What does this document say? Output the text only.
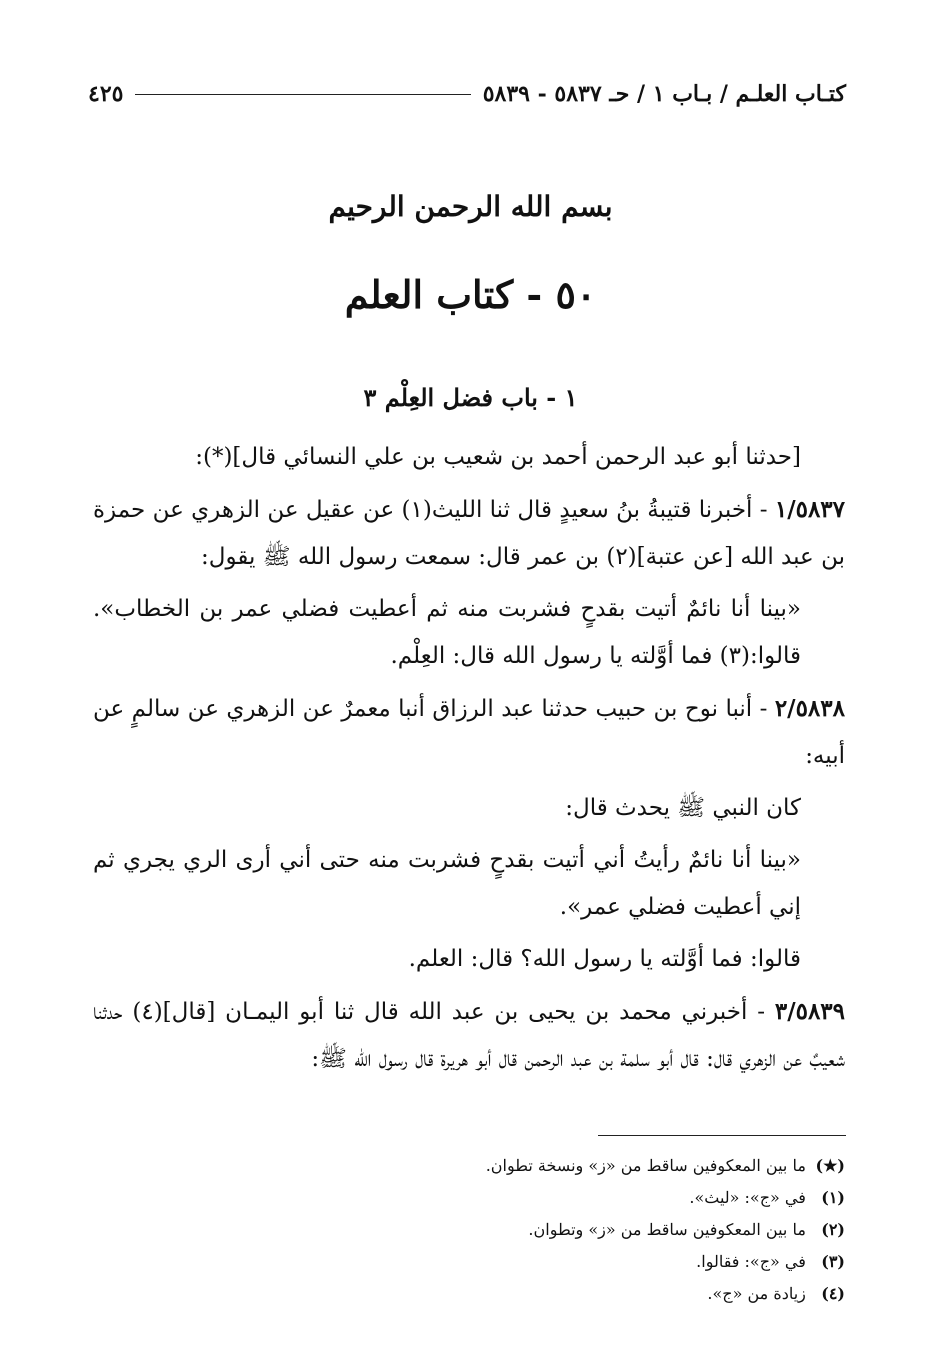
كتـاب العلـم / بـاب ١ / حـ ٥٨٣٧ - ٥٨٣٩
٤٢٥
بسم الله الرحمن الرحيم
٥٠ - كتاب العلم
١ - باب فضل العِلْم ٣

[حدثنا أبو عبد الرحمن أحمد بن شعيب بن علي النسائي قال](*):

١/٥٨٣٧ - أخبرنا قتيبةُ بنُ سعيدٍ قال ثنا الليث(١) عن عقيل عن الزهري عن حمزة بن عبد الله [عن عتبة](٢) بن عمر قال: سمعت رسول الله ﷺ يقول:

«بينا أنا نائمٌ أتيت بقدحٍ فشربت منه ثم أعطيت فضلي عمر بن الخطاب». قالوا:(٣) فما أوَّلته يا رسول الله قال: العِلْم.

٢/٥٨٣٨ - أنبا نوح بن حبيب حدثنا عبد الرزاق أنبا معمرٌ عن الزهري عن سالمٍ عن أبيه:

كان النبي ﷺ يحدث قال:

«بينا أنا نائمٌ رأيتُ أني أتيت بقدحٍ فشربت منه حتى أني أرى الري يجري ثم إني أعطيت فضلي عمر».

قالوا: فما أوَّلته يا رسول الله؟ قال: العلم.

٣/٥٨٣٩ - أخبرني محمد بن يحيى بن عبد الله قال ثنا أبو اليمـان [قال](٤) حدثنا شعيبٌ عن الزهري قال: قال أبو سلمة بن عبد الرحمن قال أبو هريرة قال رسول الله ﷺ:

(★) ما بين المعكوفين ساقط من «ز» ونسخة تطوان.

(١) في «ج»: «ليث».

(٢) ما بين المعكوفين ساقط من «ز» وتطوان.

(٣) في «ج»: فقالوا.

(٤) زيادة من «ج».
